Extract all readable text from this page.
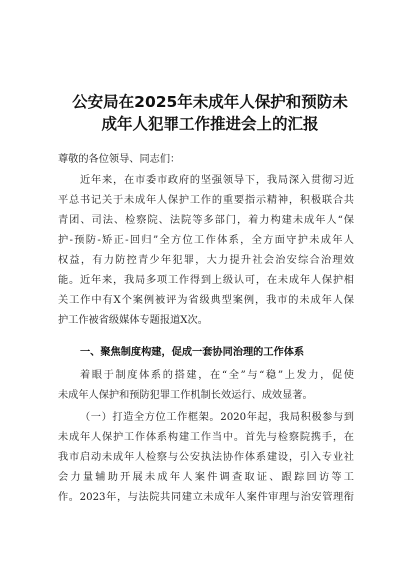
公安局在2025年未成年人保护和预防未
成年人犯罪工作推进会上的汇报
尊敬的各位领导、同志们：
近年来，在市委市政府的坚强领导下，我局深入贯彻习近
平总书记关于未成年人保护工作的重要指示精神，积极联合共
青团、司法、检察院、法院等多部门，着力构建未成年人“保
护-预防-矫正-回归”全方位工作体系，全方面守护未成年人
权益，有力防控青少年犯罪，大力提升社会治安综合治理效
能。近年来，我局多项工作得到上级认可，在未成年人保护相
关工作中有X个案例被评为省级典型案例，我市的未成年人保
护工作被省级媒体专题报道X次。
一、聚焦制度构建，促成一套协同治理的工作体系
着眼于制度体系的搭建，在“全”与“稳”上发力，促使
未成年人保护和预防犯罪工作机制长效运行、成效显著。
（一）打造全方位工作框架。2020年起，我局积极参与到
未成年人保护工作体系构建工作当中。首先与检察院携手，在
我市启动未成年人检察与公安执法协作体系建设，引入专业社
会力量辅助开展未成年人案件调查取证、跟踪回访等工
作。2023年，与法院共同建立未成年人案件审理与治安管理衔
